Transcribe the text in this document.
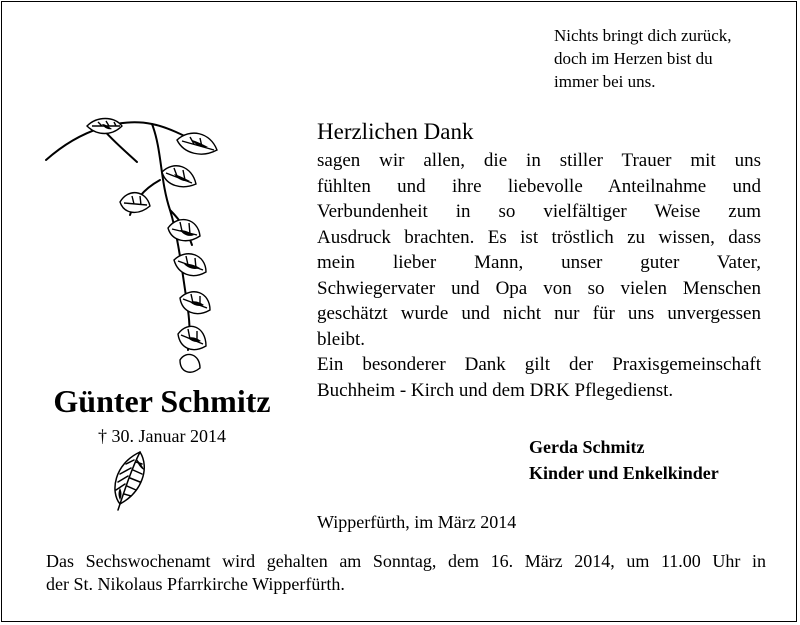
Nichts bringt dich zurück,
doch im Herzen bist du
immer bei uns.
Herzlichen Dank
sagen wir allen, die in stiller Trauer mit uns
fühlten und ihre liebevolle Anteilnahme und
Verbundenheit in so vielfältiger Weise zum
Ausdruck brachten. Es ist tröstlich zu wissen, dass
mein lieber Mann, unser guter Vater,
Schwiegervater und Opa von so vielen Menschen
geschätzt wurde und nicht nur für uns unvergessen
bleibt.
Ein besonderer Dank gilt der Praxisgemeinschaft
Buchheim - Kirch und dem DRK Pflegedienst.
Günter Schmitz
† 30. Januar 2014
Gerda Schmitz
Kinder und Enkelkinder
Wipperfürth, im März 2014
Das Sechswochenamt wird gehalten am Sonntag, dem 16. März 2014, um 11.00 Uhr in
der St. Nikolaus Pfarrkirche Wipperfürth.
